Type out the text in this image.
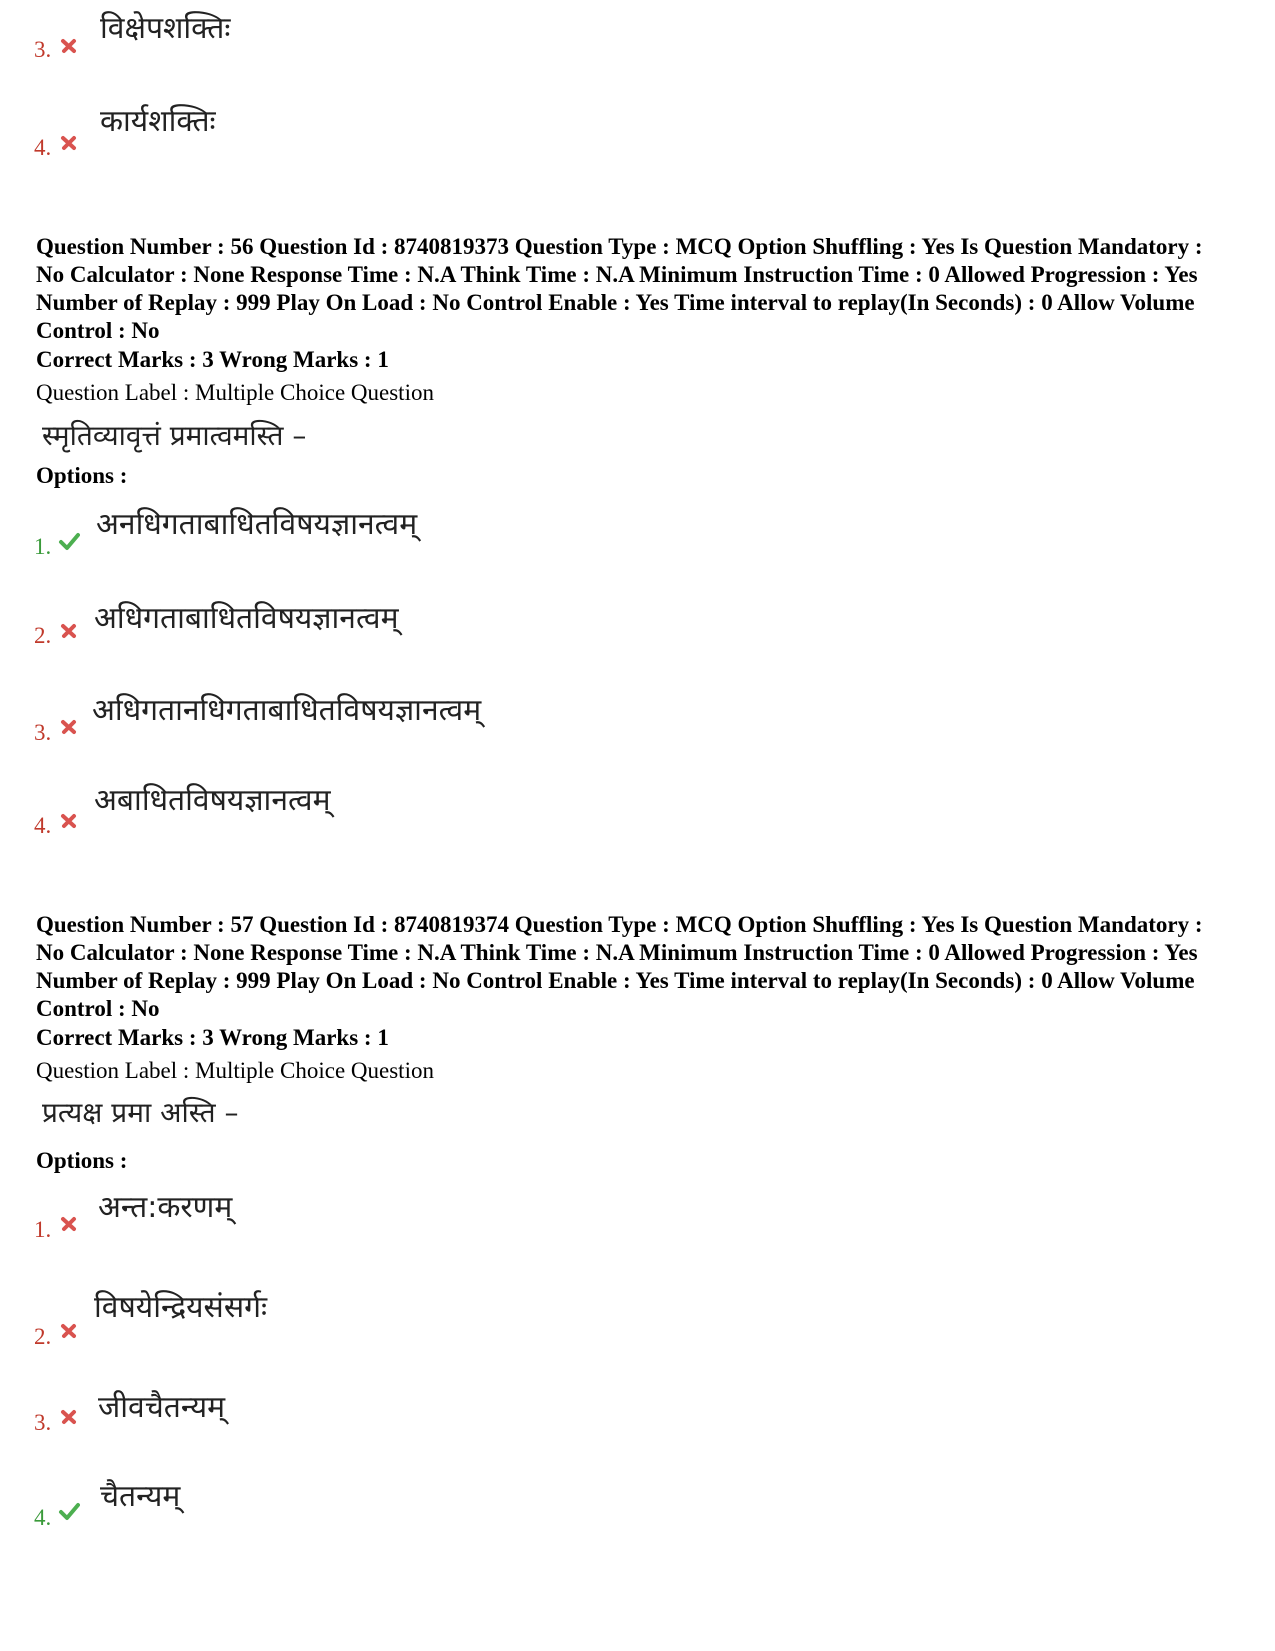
विक्षेपशक्तिः
3.
कार्यशक्तिः
4.
Question Number : 56 Question Id : 8740819373 Question Type : MCQ Option Shuffling : Yes Is Question Mandatory : No Calculator : None Response Time : N.A Think Time : N.A Minimum Instruction Time : 0 Allowed Progression : Yes Number of Replay : 999 Play On Load : No Control Enable : Yes Time interval to replay(In Seconds) : 0 Allow Volume Control : No
Correct Marks : 3 Wrong Marks : 1
Question Label : Multiple Choice Question
स्मृतिव्यावृत्तं प्रमात्वमस्ति –
Options :
अनधिगताबाधितविषयज्ञानत्वम्
1.
अधिगताबाधितविषयज्ञानत्वम्
2.
अधिगतानधिगताबाधितविषयज्ञानत्वम्
3.
अबाधितविषयज्ञानत्वम्
4.
Question Number : 57 Question Id : 8740819374 Question Type : MCQ Option Shuffling : Yes Is Question Mandatory : No Calculator : None Response Time : N.A Think Time : N.A Minimum Instruction Time : 0 Allowed Progression : Yes Number of Replay : 999 Play On Load : No Control Enable : Yes Time interval to replay(In Seconds) : 0 Allow Volume Control : No
Correct Marks : 3 Wrong Marks : 1
Question Label : Multiple Choice Question
प्रत्यक्ष प्रमा अस्ति –
Options :
अन्त:करणम्
1.
विषयेन्द्रियसंसर्गः
2.
जीवचैतन्यम्
3.
चैतन्यम्
4.
